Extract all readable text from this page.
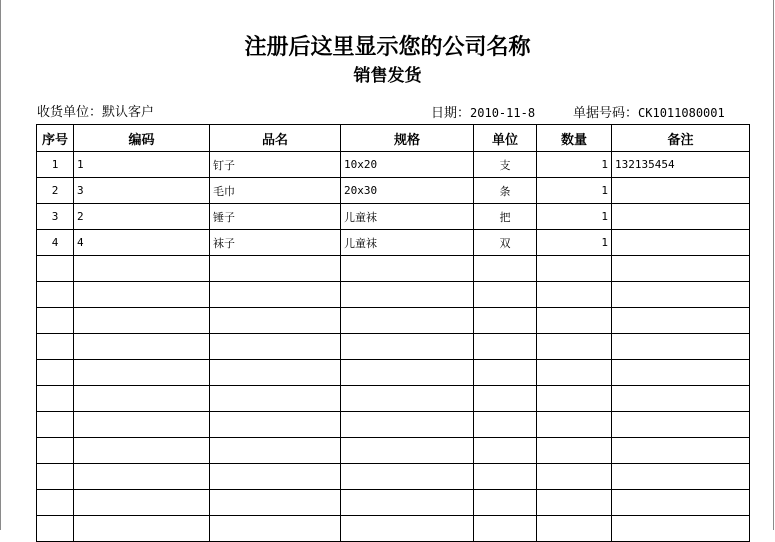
注册后这里显示您的公司名称
销售发货
收货单位：默认客户	日期：2010-11-8	单据号码：CK1011080001
序号	编码	品名	规格	单位	数量	备注
1	1	钉子	10x20	支	1	132135454
2	3	毛巾	20x30	条	1	
3	2	锤子	儿童袜	把	1	
4	4	袜子	儿童袜	双	1	
